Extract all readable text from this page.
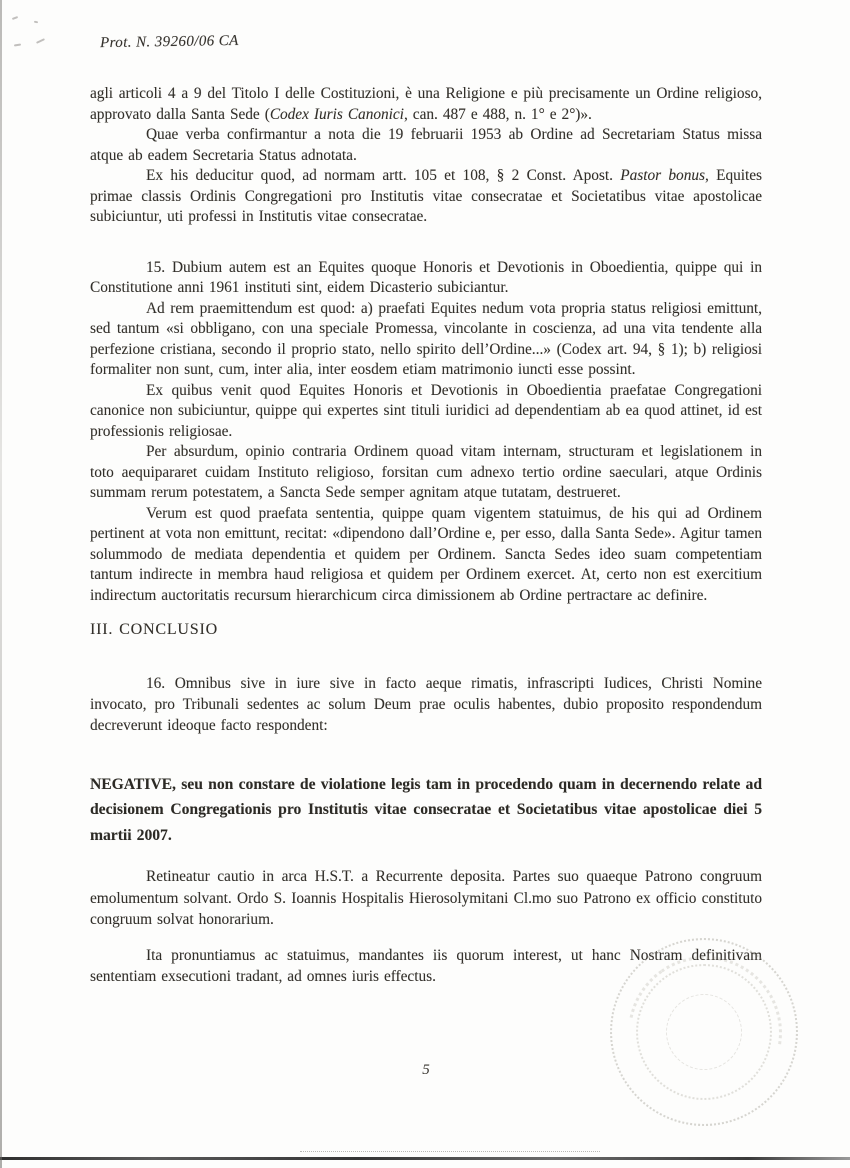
Prot. N. 39260/06 CA

agli articoli 4 a 9 del Titolo I delle Costituzioni, è una Religione e più precisamente un Ordine religioso, approvato dalla Santa Sede (Codex Iuris Canonici, can. 487 e 488, n. 1° e 2°)».

Quae verba confirmantur a nota die 19 februarii 1953 ab Ordine ad Secretariam Status missa atque ab eadem Secretaria Status adnotata.

Ex his deducitur quod, ad normam artt. 105 et 108, § 2 Const. Apost. Pastor bonus, Equites primae classis Ordinis Congregationi pro Institutis vitae consecratae et Societatibus vitae apostolicae subiciuntur, uti professi in Institutis vitae consecratae.

15. Dubium autem est an Equites quoque Honoris et Devotionis in Oboedientia, quippe qui in Constitutione anni 1961 instituti sint, eidem Dicasterio subiciantur.

Ad rem praemittendum est quod: a) praefati Equites nedum vota propria status religiosi emittunt, sed tantum «si obbligano, con una speciale Promessa, vincolante in coscienza, ad una vita tendente alla perfezione cristiana, secondo il proprio stato, nello spirito dell’Ordine...» (Codex art. 94, § 1); b) religiosi formaliter non sunt, cum, inter alia, inter eosdem etiam matrimonio iuncti esse possint.

Ex quibus venit quod Equites Honoris et Devotionis in Oboedientia praefatae Congregationi canonice non subiciuntur, quippe qui expertes sint tituli iuridici ad dependentiam ab ea quod attinet, id est professionis religiosae.

Per absurdum, opinio contraria Ordinem quoad vitam internam, structuram et legislationem in toto aequipararet cuidam Instituto religioso, forsitan cum adnexo tertio ordine saeculari, atque Ordinis summam rerum potestatem, a Sancta Sede semper agnitam atque tutatam, destrueret.

Verum est quod praefata sententia, quippe quam vigentem statuimus, de his qui ad Ordinem pertinent at vota non emittunt, recitat: «dipendono dall’Ordine e, per esso, dalla Santa Sede». Agitur tamen solummodo de mediata dependentia et quidem per Ordinem. Sancta Sedes ideo suam competentiam tantum indirecte in membra haud religiosa et quidem per Ordinem exercet. At, certo non est exercitium indirectum auctoritatis recursum hierarchicum circa dimissionem ab Ordine pertractare ac definire.

III. CONCLUSIO

16. Omnibus sive in iure sive in facto aeque rimatis, infrascripti Iudices, Christi Nomine invocato, pro Tribunali sedentes ac solum Deum prae oculis habentes, dubio proposito respondendum decreverunt ideoque facto respondent:

NEGATIVE, seu non constare de violatione legis tam in procedendo quam in decernendo relate ad decisionem Congregationis pro Institutis vitae consecratae et Societatibus vitae apostolicae diei 5 martii 2007.

Retineatur cautio in arca H.S.T. a Recurrente deposita. Partes suo quaeque Patrono congruum emolumentum solvant. Ordo S. Ioannis Hospitalis Hierosolymitani Cl.mo suo Patrono ex officio constituto congruum solvat honorarium.

Ita pronuntiamus ac statuimus, mandantes iis quorum interest, ut hanc Nostram definitivam sententiam exsecutioni tradant, ad omnes iuris effectus.

5
